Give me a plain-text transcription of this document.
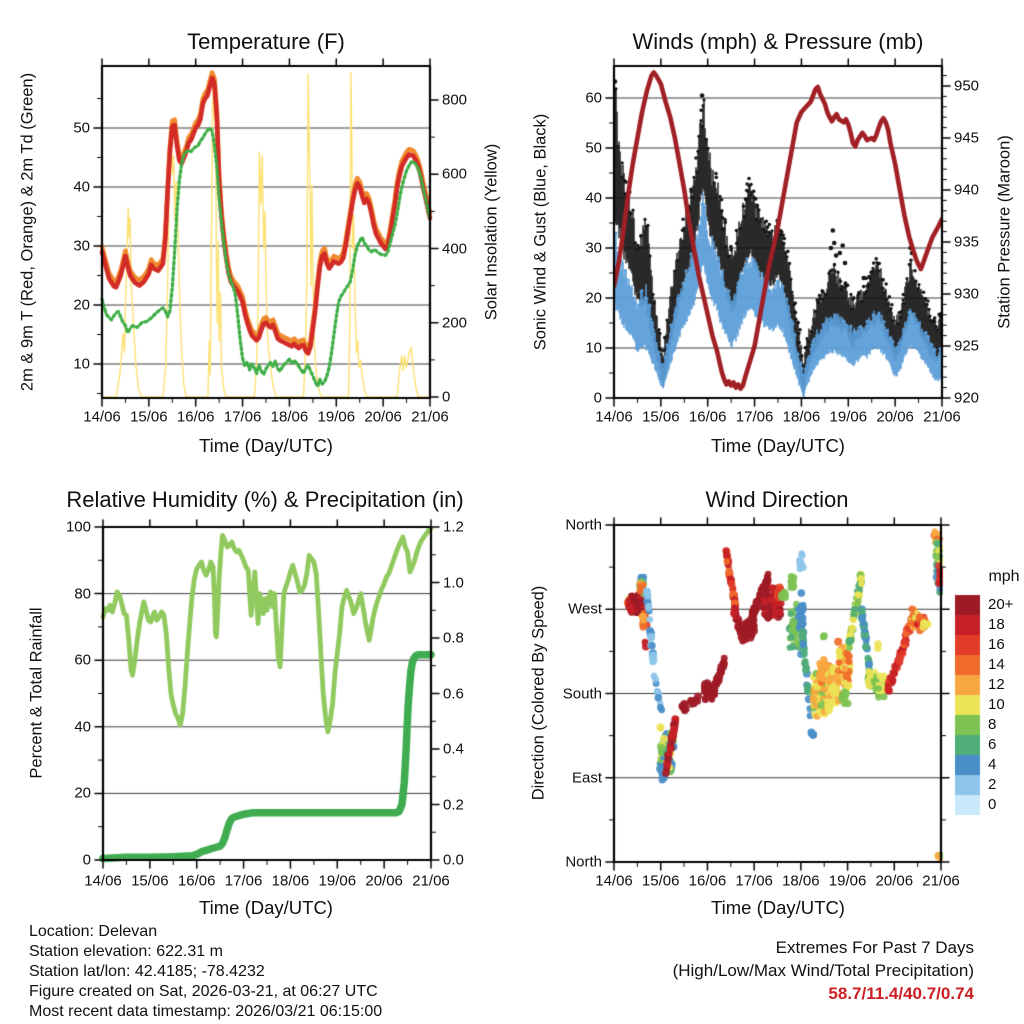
Temperature (F)	Winds (mph) & Pressure (mb)
Relative Humidity (%) & Precipitation (in)	Wind Direction
Time (Day/UTC)	Time (Day/UTC)
Time (Day/UTC)	Time (Day/UTC)
2m & 9m T (Red, Orange) & 2m Td (Green)	Solar Insolation (Yellow) Sonic Wind & Gust (Blue, Black)	Station Pressure (Maroon)
Percent & Total Rainfall	Direction (Colored By Speed)
mph
20+
18
16
14
12
10
8
6
4
2
0
10
20
30
40
50
0
200
400
600
800
14/06 15/06 16/06 17/06 18/06 19/06 20/06 21/06
0
10
20
30
40
50
60
920
925
930
935
940
945
950
14/06 15/06 16/06 17/06 18/06 19/06 20/06 21/06
0
20
40
60
80
100
0.0
0.2
0.4
0.6
0.8
1.0
1.2
14/06 15/06 16/06 17/06 18/06 19/06 20/06 21/06
North
West
South
East
North
14/06 15/06 16/06 17/06 18/06 19/06 20/06 21/06
Location: Delevan
Station elevation: 622.31 m
Station lat/lon: 42.4185; -78.4232
Figure created on Sat, 2026-03-21, at 06:27 UTC
Most recent data timestamp: 2026/03/21 06:15:00
Extremes For Past 7 Days
(High/Low/Max Wind/Total Precipitation)
58.7/11.4/40.7/0.74
